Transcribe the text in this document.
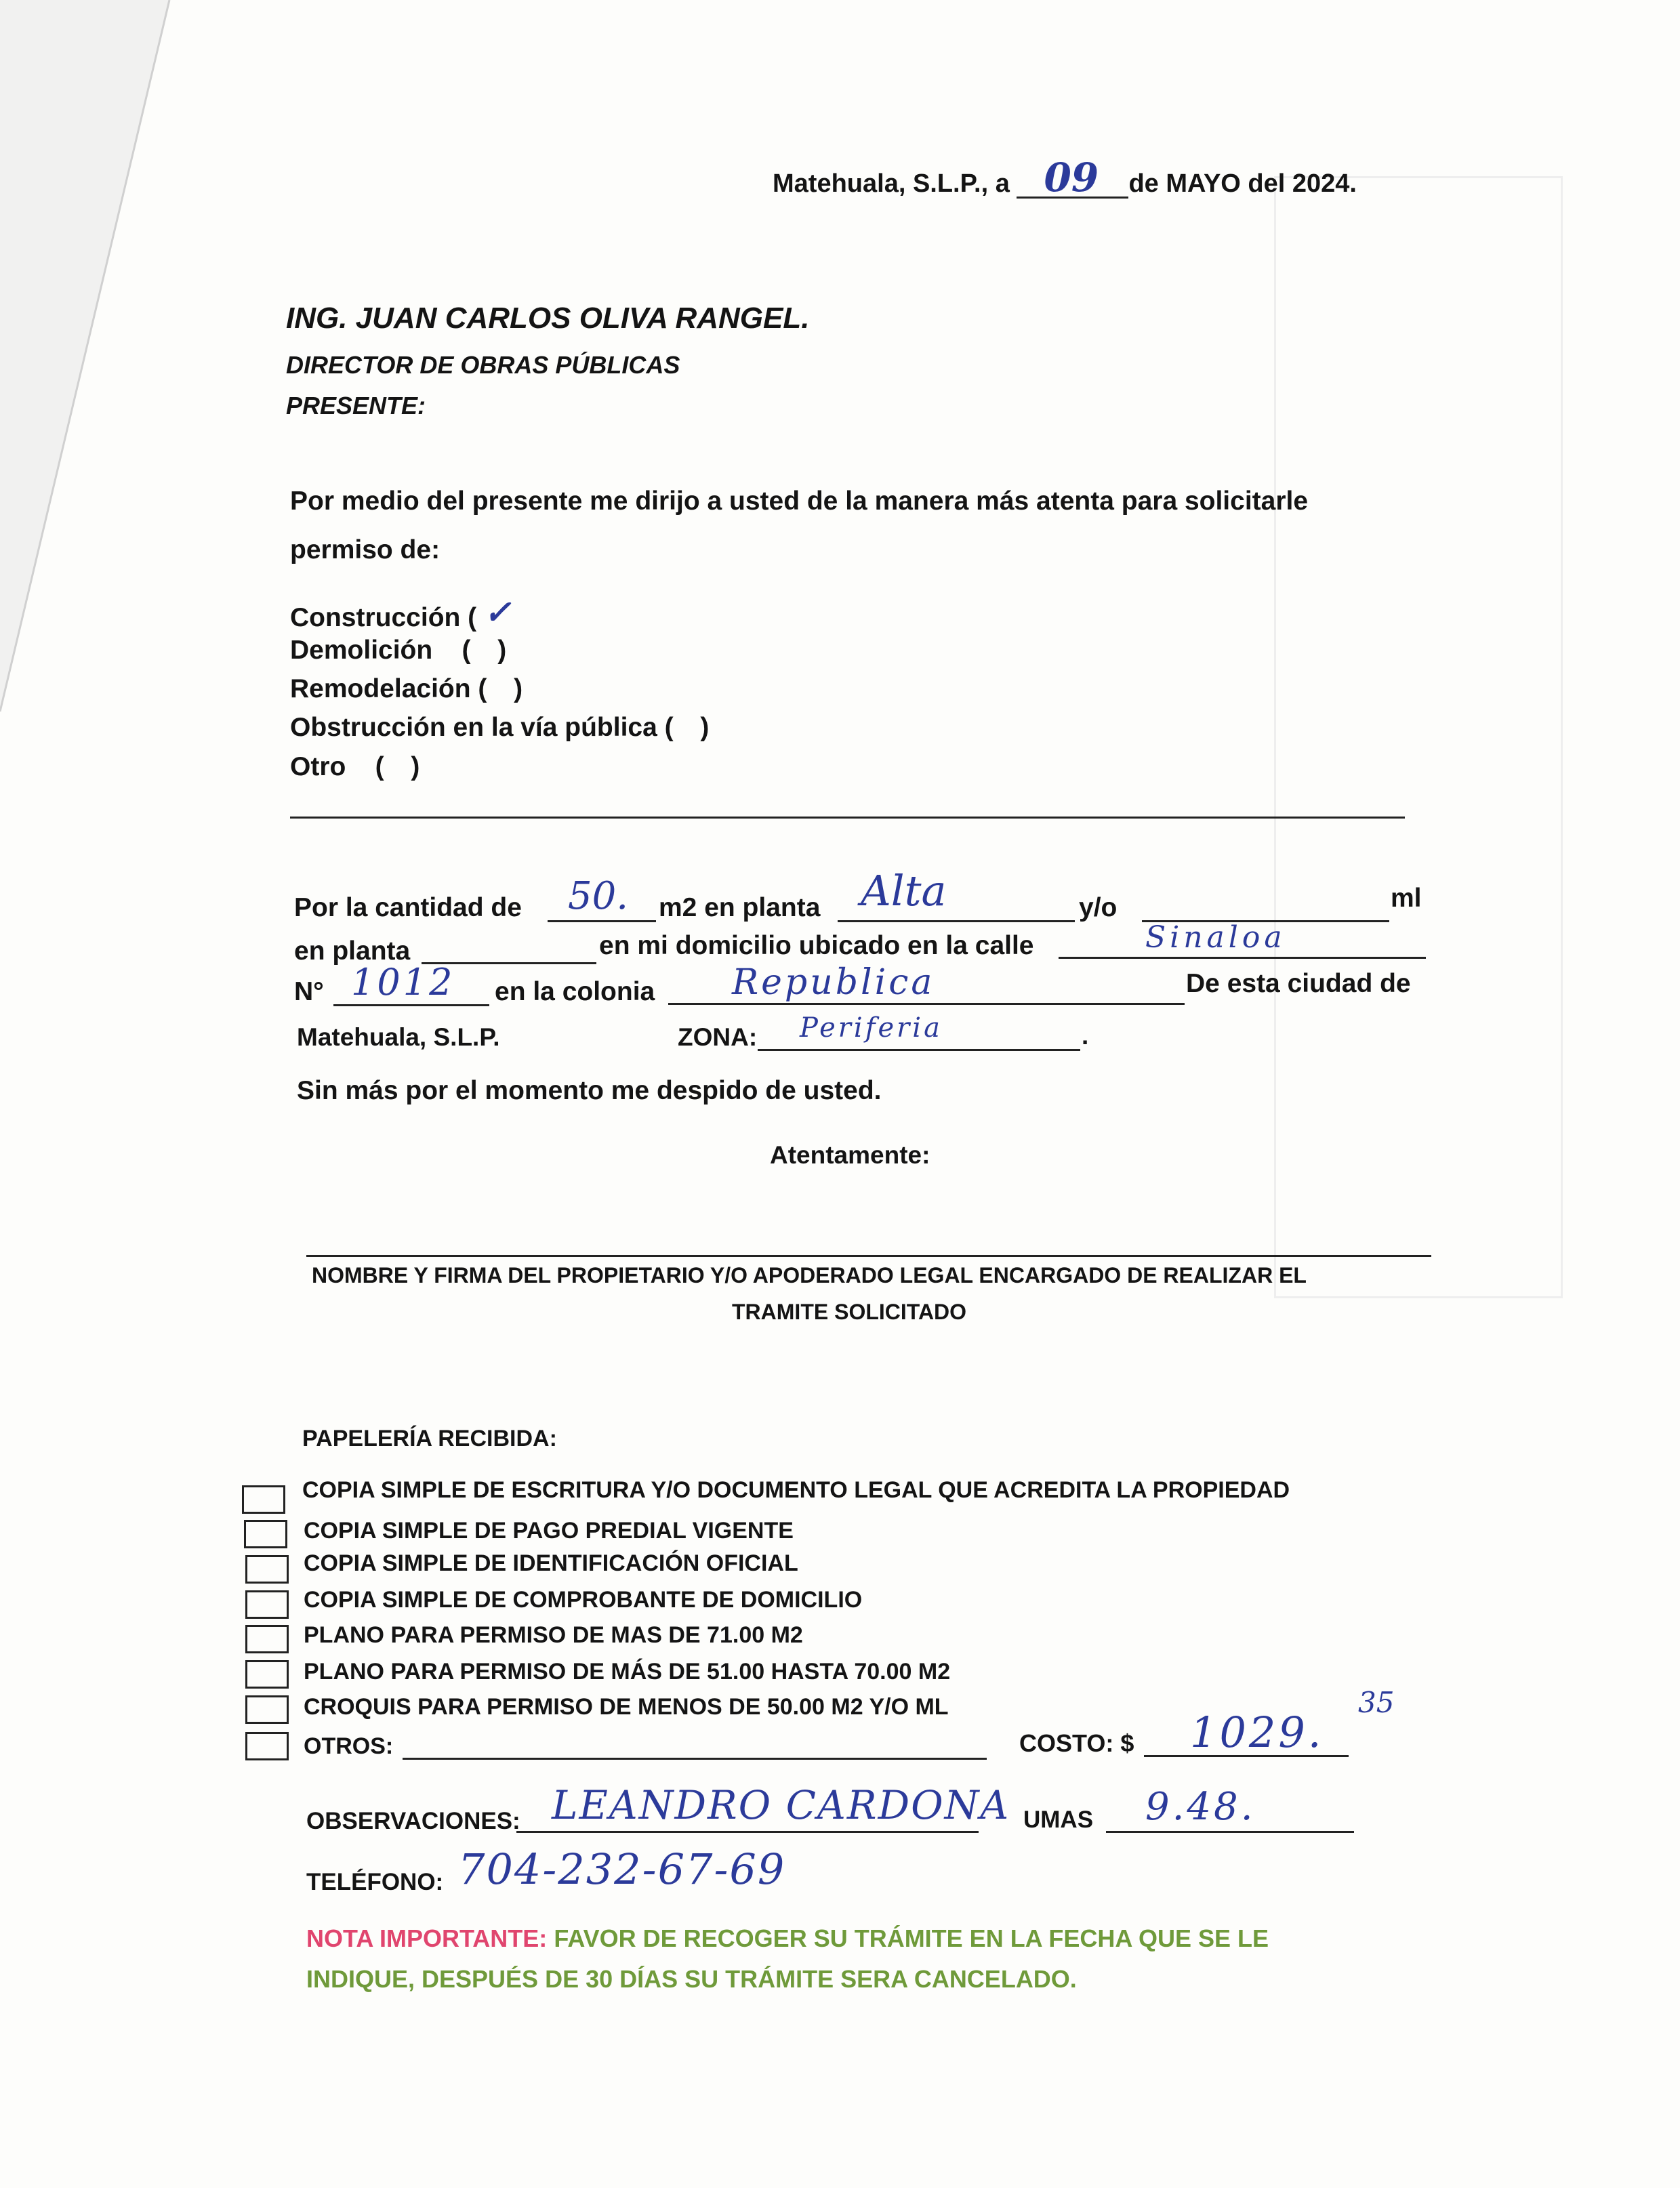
Matehuala, S.L.P., a 09 de MAYO del 2024.
ING. JUAN CARLOS OLIVA RANGEL.
DIRECTOR DE OBRAS PÚBLICAS
PRESENTE:
Por medio del presente me dirijo a usted de la manera más atenta para solicitarle
permiso de:
Construcción ( ✓
Demolición    ( )
Remodelación ( )
Obstrucción en la vía pública ( )
Otro    ( )
Por la cantidad de 50. m2 en planta Alta	y/o	ml
en planta	en mi domicilio ubicado en la calle	Sinaloa
N° 1012 en la colonia Republica	De esta ciudad de
Matehuala, S.L.P.	ZONA: Periferia	.
Sin más por el momento me despido de usted.
Atentamente:
NOMBRE Y FIRMA DEL PROPIETARIO Y/O APODERADO LEGAL ENCARGADO DE REALIZAR EL
TRAMITE SOLICITADO
PAPELERÍA RECIBIDA:
COPIA SIMPLE DE ESCRITURA Y/O DOCUMENTO LEGAL QUE ACREDITA LA PROPIEDAD
COPIA SIMPLE DE PAGO PREDIAL VIGENTE
COPIA SIMPLE DE IDENTIFICACIÓN OFICIAL
COPIA SIMPLE DE COMPROBANTE DE DOMICILIO
PLANO PARA PERMISO DE MAS DE 71.00 M2
PLANO PARA PERMISO DE MÁS DE 51.00 HASTA 70.00 M2
CROQUIS PARA PERMISO DE MENOS DE 50.00 M2 Y/O ML
OTROS:	COSTO: $ 1029.
35
OBSERVACIONES: LEANDRO CARDONA UMAS 9.48.
TELÉFONO: 704-232-67-69
NOTA IMPORTANTE: FAVOR DE RECOGER SU TRÁMITE EN LA FECHA QUE SE LE
INDIQUE, DESPUÉS DE 30 DÍAS SU TRÁMITE SERA CANCELADO.
